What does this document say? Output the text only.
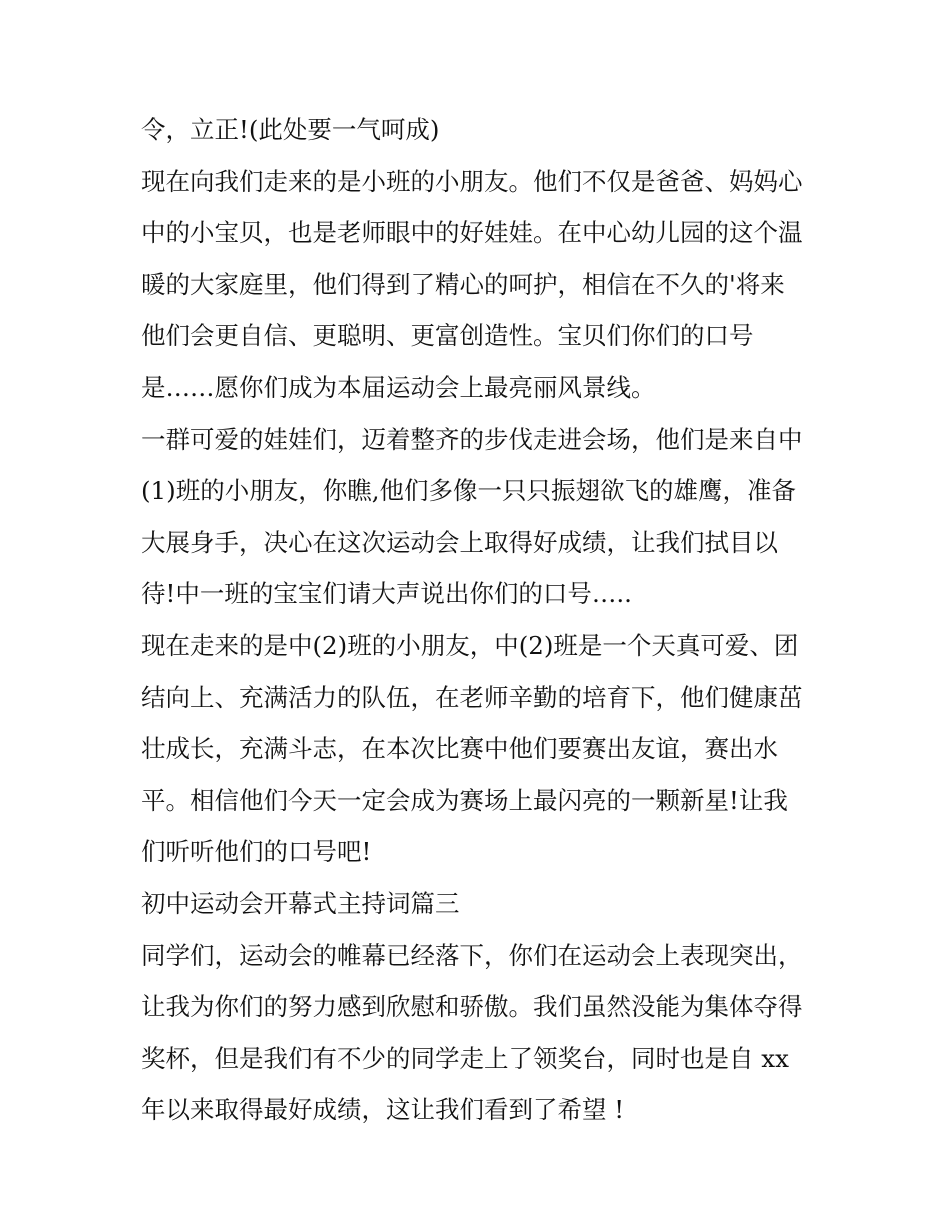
令，立正!(此处要一气呵成)
现在向我们走来的是小班的小朋友。他们不仅是爸爸、妈妈心
中的小宝贝，也是老师眼中的好娃娃。在中心幼儿园的这个温
暖的大家庭里，他们得到了精心的呵护，相信在不久的'将来
他们会更自信、更聪明、更富创造性。宝贝们你们的口号
是……愿你们成为本届运动会上最亮丽风景线。
一群可爱的娃娃们，迈着整齐的步伐走进会场，他们是来自中
(1)班的小朋友，你瞧,他们多像一只只振翅欲飞的雄鹰，准备
大展身手，决心在这次运动会上取得好成绩，让我们拭目以
待!中一班的宝宝们请大声说出你们的口号…..
现在走来的是中(2)班的小朋友，中(2)班是一个天真可爱、团
结向上、充满活力的队伍，在老师辛勤的培育下，他们健康茁
壮成长，充满斗志，在本次比赛中他们要赛出友谊，赛出水
平。相信他们今天一定会成为赛场上最闪亮的一颗新星!让我
们听听他们的口号吧!
初中运动会开幕式主持词篇三
同学们，运动会的帷幕已经落下，你们在运动会上表现突出，
让我为你们的努力感到欣慰和骄傲。我们虽然没能为集体夺得
奖杯，但是我们有不少的同学走上了领奖台，同时也是自 xx
年以来取得最好成绩，这让我们看到了希望 !
